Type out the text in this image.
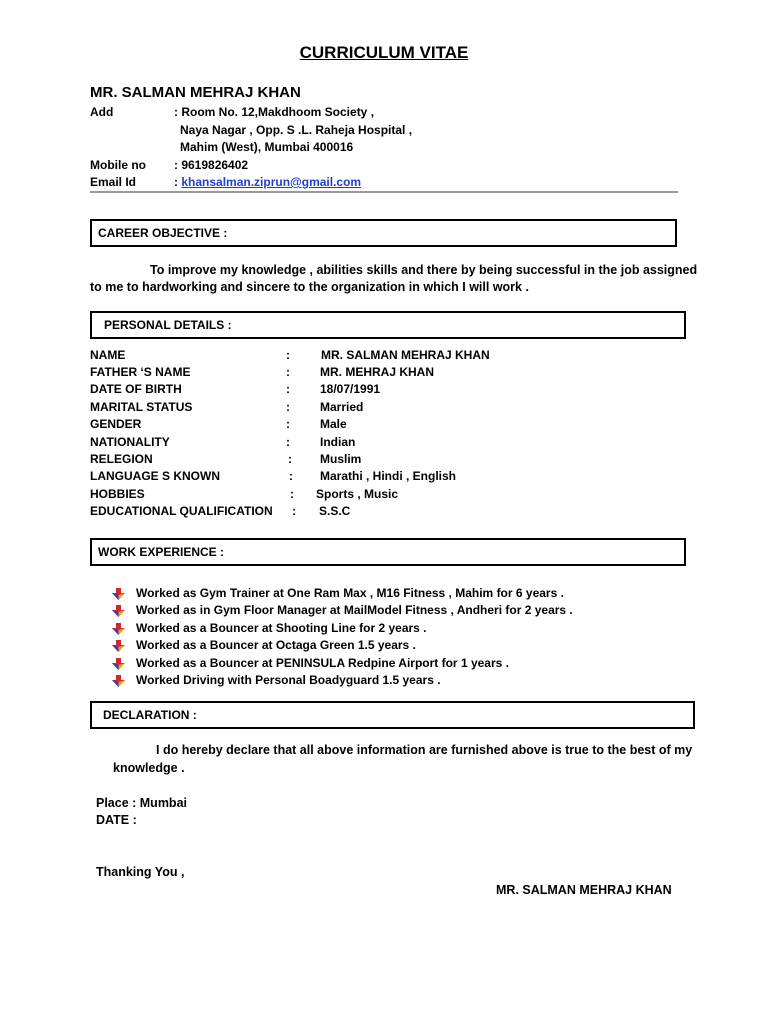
CURRICULUM VITAE
MR. SALMAN MEHRAJ KHAN
Add	: Room No. 12,Makdhoom Society ,
Naya Nagar , Opp. S .L. Raheja Hospital ,
Mahim (West), Mumbai 400016
Mobile no : 9619826402
Email Id	: khansalman.ziprun@gmail.com
CAREER OBJECTIVE :
To improve my knowledge , abilities skills and there by being successful in the job assigned
to me to hardworking and sincere to the organization in which I will work .
PERSONAL DETAILS :
NAME	:	MR. SALMAN MEHRAJ KHAN
FATHER ‘S NAME	:	MR. MEHRAJ KHAN
DATE OF BIRTH	:	18/07/1991
MARITAL STATUS	:	Married
GENDER	:	Male
NATIONALITY	:	Indian
RELEGION	: Muslim
LANGUAGE S KNOWN	: Marathi , Hindi , English
HOBBIES	: Sports , Music
EDUCATIONAL QUALIFICATION : S.S.C
WORK EXPERIENCE :
Worked as Gym Trainer at One Ram Max , M16 Fitness , Mahim for 6 years .
Worked as in Gym Floor Manager at MailModel Fitness , Andheri for 2 years .
Worked as a Bouncer at Shooting Line for 2 years .
Worked as a Bouncer at Octaga Green 1.5 years .
Worked as a Bouncer at PENINSULA Redpine Airport for 1 years .
Worked Driving with Personal Boadyguard 1.5 years .
DECLARATION :
I do hereby declare that all above information are furnished above is true to the best of my
knowledge .
Place : Mumbai
DATE :
Thanking You ,
MR. SALMAN MEHRAJ KHAN
